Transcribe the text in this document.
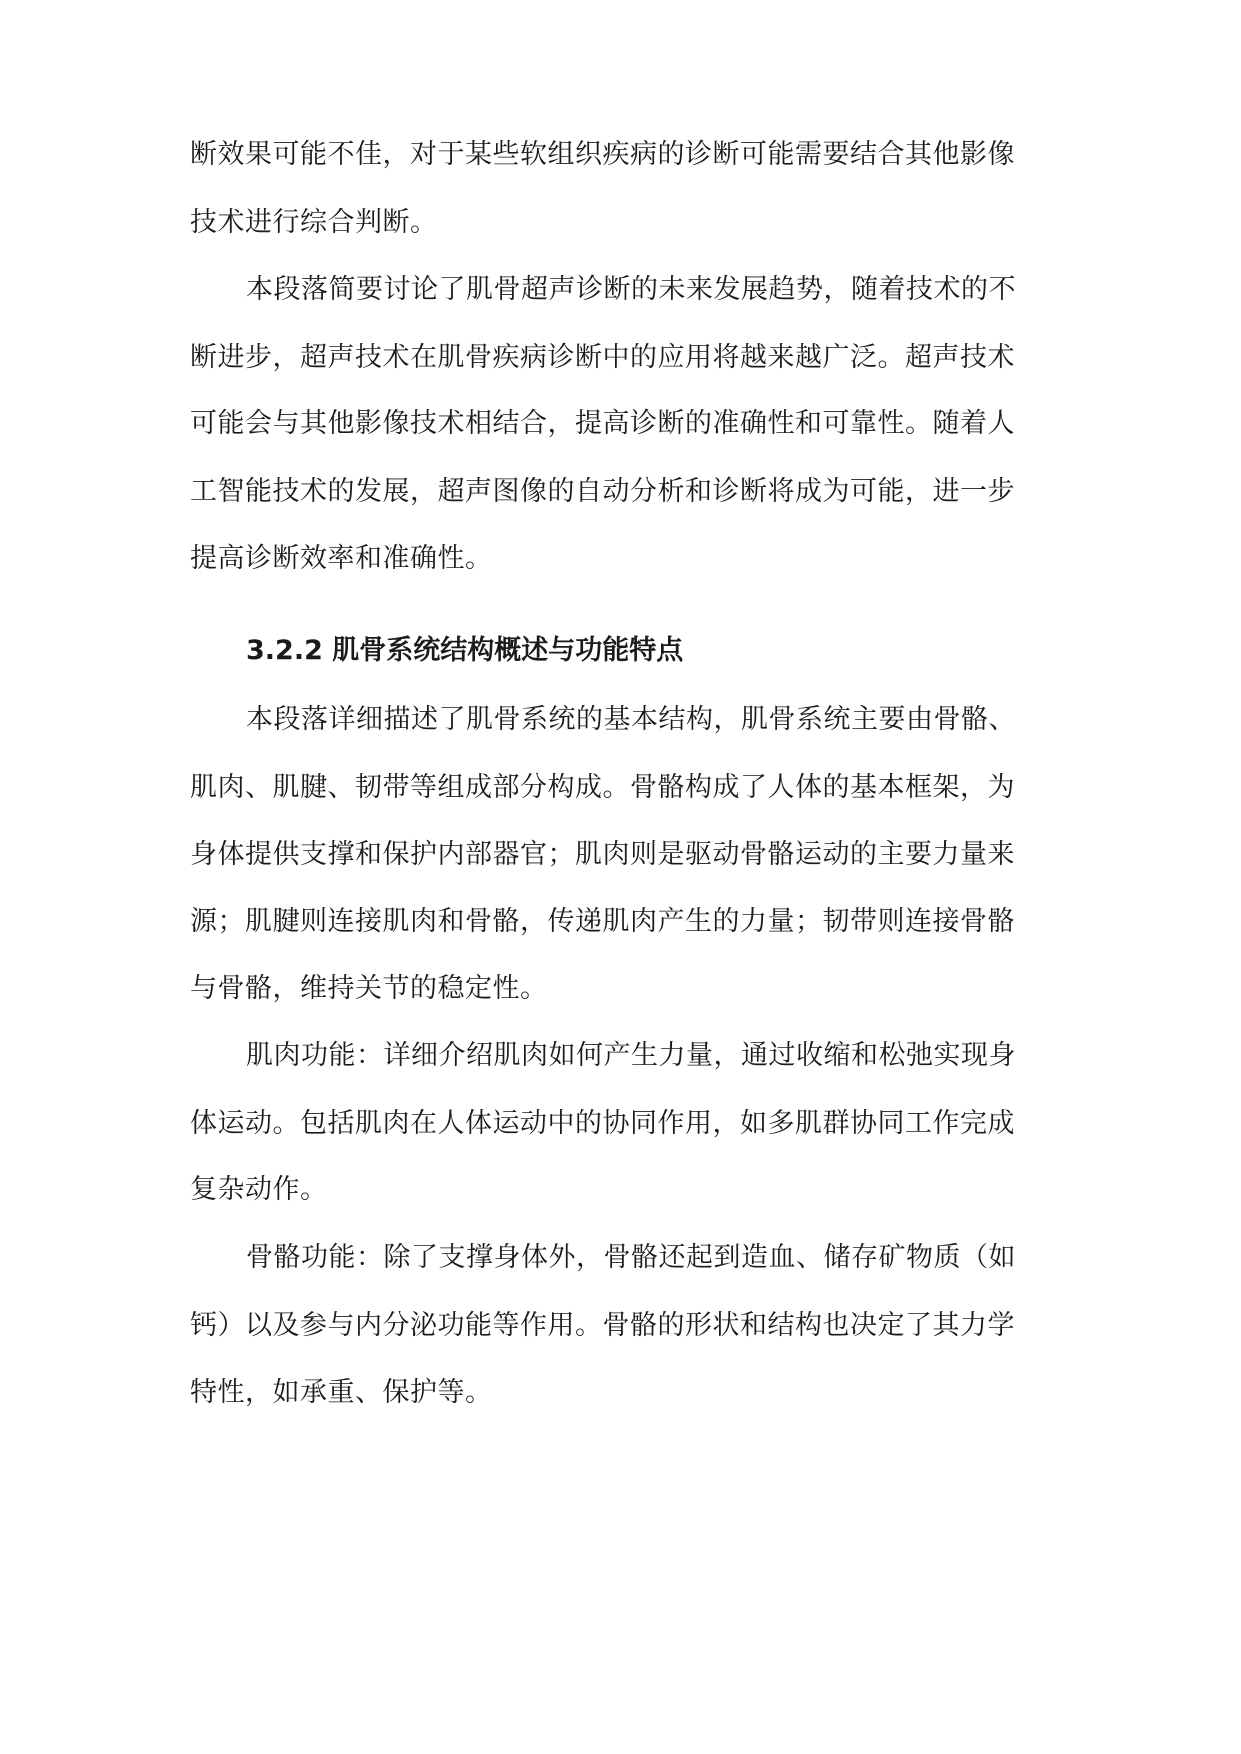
断效果可能不佳，对于某些软组织疾病的诊断可能需要结合其他影像
技术进行综合判断。
本段落简要讨论了肌骨超声诊断的未来发展趋势，随着技术的不
断进步，超声技术在肌骨疾病诊断中的应用将越来越广泛。超声技术
可能会与其他影像技术相结合，提高诊断的准确性和可靠性。随着人
工智能技术的发展，超声图像的自动分析和诊断将成为可能，进一步
提高诊断效率和准确性。
3.2.2 肌骨系统结构概述与功能特点
本段落详细描述了肌骨系统的基本结构，肌骨系统主要由骨骼、
肌肉、肌腱、韧带等组成部分构成。骨骼构成了人体的基本框架，为
身体提供支撑和保护内部器官；肌肉则是驱动骨骼运动的主要力量来
源；肌腱则连接肌肉和骨骼，传递肌肉产生的力量；韧带则连接骨骼
与骨骼，维持关节的稳定性。
肌肉功能：详细介绍肌肉如何产生力量，通过收缩和松弛实现身
体运动。包括肌肉在人体运动中的协同作用，如多肌群协同工作完成
复杂动作。
骨骼功能：除了支撑身体外，骨骼还起到造血、储存矿物质（如
钙）以及参与内分泌功能等作用。骨骼的形状和结构也决定了其力学
特性，如承重、保护等。
